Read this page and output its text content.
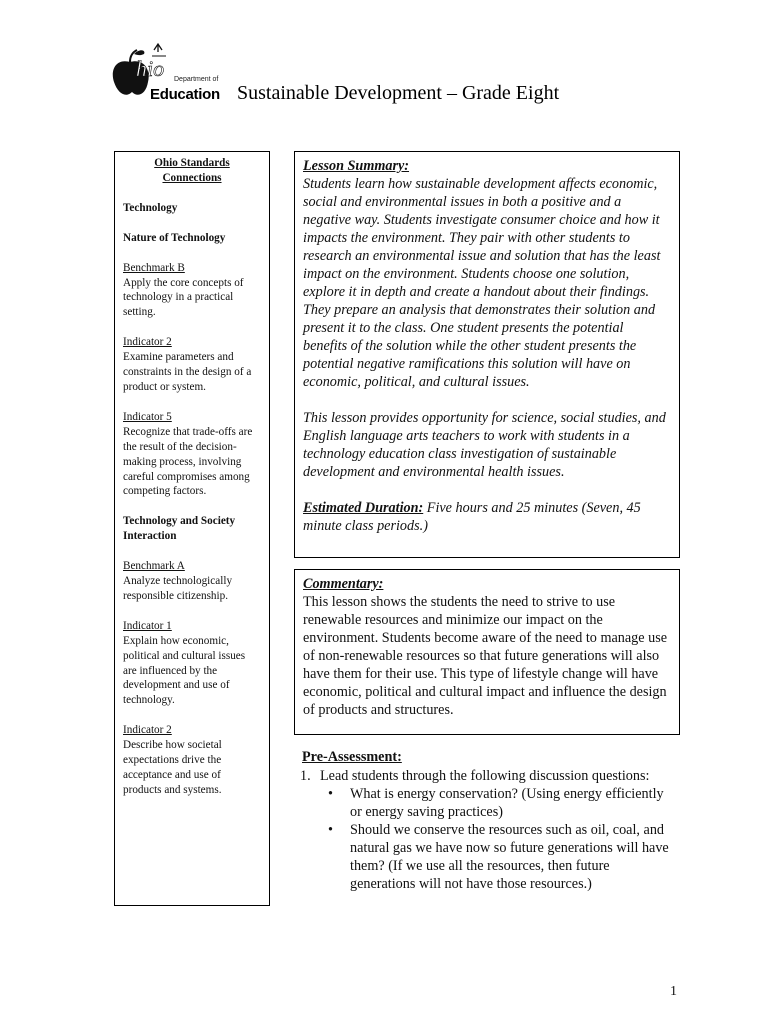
hio Department of
Education Sustainable Development – Grade Eight
Ohio Standards Connections
Technology
Nature of Technology
Benchmark B
Apply the core concepts of technology in a practical setting.
Indicator 2
Examine parameters and constraints in the design of a product or system.
Indicator 5
Recognize that trade-offs are the result of the decision-making process, involving careful compromises among competing factors.
Technology and Society Interaction
Benchmark A
Analyze technologically responsible citizenship.
Indicator 1
Explain how economic, political and cultural issues are influenced by the development and use of technology.
Indicator 2
Describe how societal expectations drive the acceptance and use of products and systems.
Lesson Summary:
Students learn how sustainable development affects economic, social and environmental issues in both a positive and a negative way. Students investigate consumer choice and how it impacts the environment. They pair with other students to research an environmental issue and solution that has the least impact on the environment. Students choose one solution, explore it in depth and create a handout about their findings. They prepare an analysis that demonstrates their solution and present it to the class. One student presents the potential benefits of the solution while the other student presents the potential negative ramifications this solution will have on economic, political, and cultural issues.
This lesson provides opportunity for science, social studies, and English language arts teachers to work with students in a technology education class investigation of sustainable development and environmental health issues.
Estimated Duration: Five hours and 25 minutes (Seven, 45 minute class periods.)
Commentary:
This lesson shows the students the need to strive to use renewable resources and minimize our impact on the environment. Students become aware of the need to manage use of non-renewable resources so that future generations will also have them for their use. This type of lifestyle change will have economic, political and cultural impact and influence the design of products and structures.
Pre-Assessment:
1. Lead students through the following discussion questions:
• What is energy conservation? (Using energy efficiently or energy saving practices)
• Should we conserve the resources such as oil, coal, and natural gas we have now so future generations will have them? (If we use all the resources, then future generations will not have those resources.)
1
